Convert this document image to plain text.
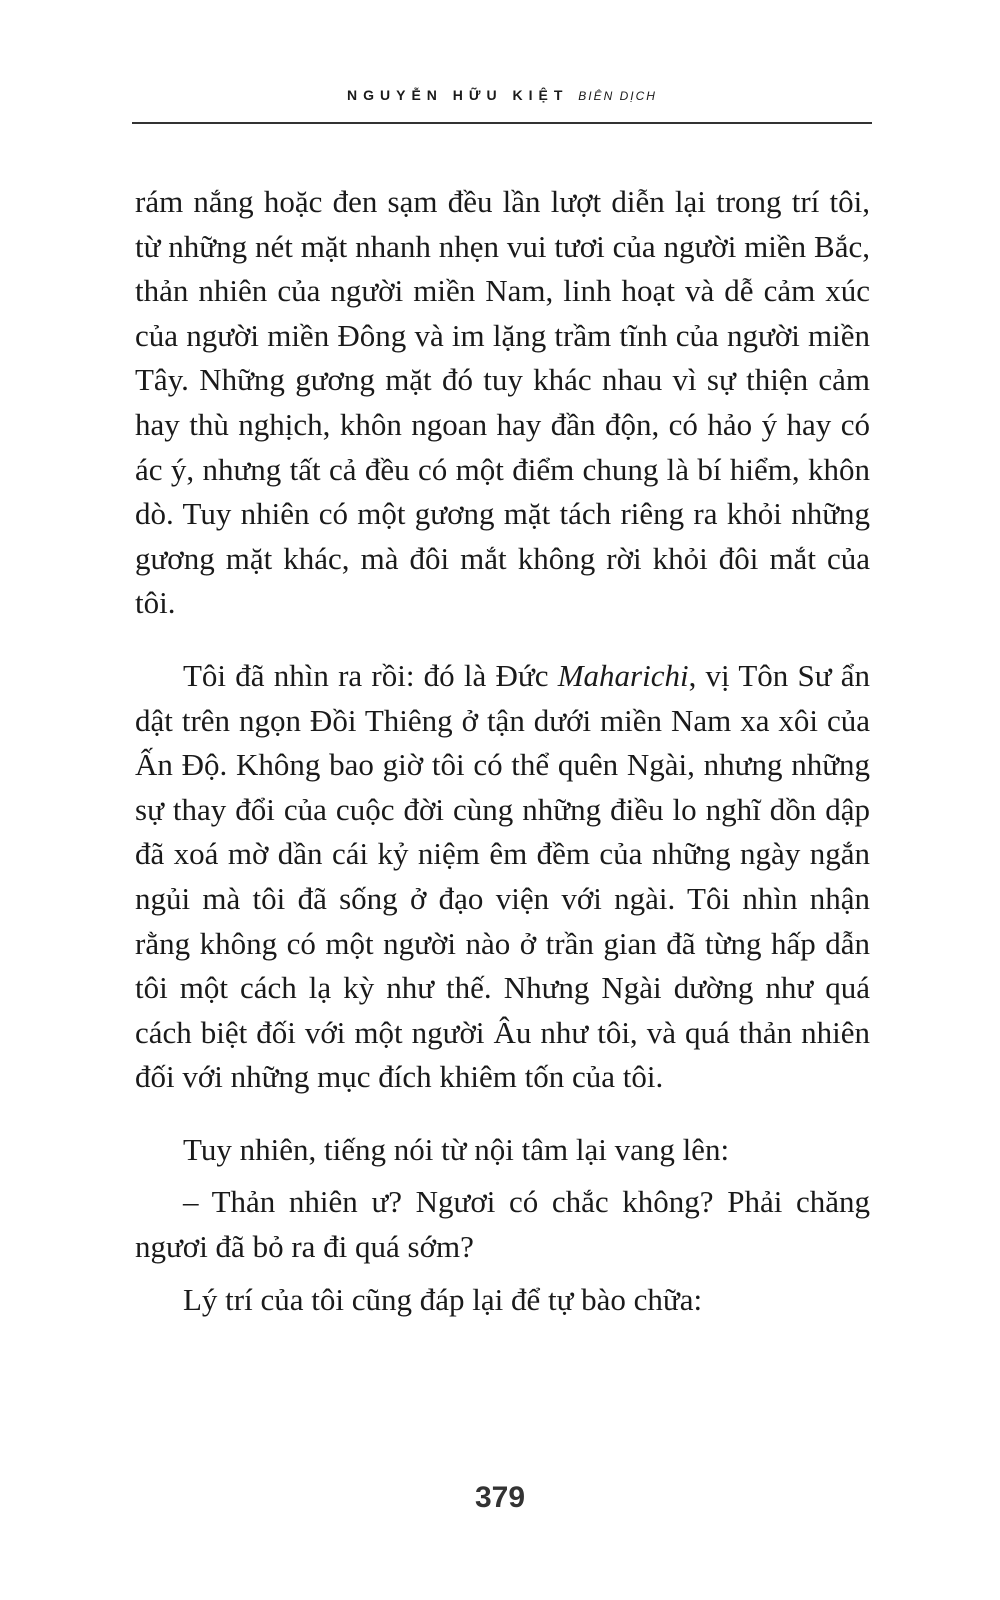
NGUYỄN HỮU KIỆT BIÊN DỊCH

rám nắng hoặc đen sạm đều lần lượt diễn lại trong trí tôi, từ những nét mặt nhanh nhẹn vui tươi của người miền Bắc, thản nhiên của người miền Nam, linh hoạt và dễ cảm xúc của người miền Đông và im lặng trầm tĩnh của người miền Tây. Những gương mặt đó tuy khác nhau vì sự thiện cảm hay thù nghịch, khôn ngoan hay đần độn, có hảo ý hay có ác ý, nhưng tất cả đều có một điểm chung là bí hiểm, khôn dò. Tuy nhiên có một gương mặt tách riêng ra khỏi những gương mặt khác, mà đôi mắt không rời khỏi đôi mắt của tôi.

Tôi đã nhìn ra rồi: đó là Đức Maharichi, vị Tôn Sư ẩn dật trên ngọn Đồi Thiêng ở tận dưới miền Nam xa xôi của Ấn Độ. Không bao giờ tôi có thể quên Ngài, nhưng những sự thay đổi của cuộc đời cùng những điều lo nghĩ dồn dập đã xoá mờ dần cái kỷ niệm êm đềm của những ngày ngắn ngủi mà tôi đã sống ở đạo viện với ngài. Tôi nhìn nhận rằng không có một người nào ở trần gian đã từng hấp dẫn tôi một cách lạ kỳ như thế. Nhưng Ngài dường như quá cách biệt đối với một người Âu như tôi, và quá thản nhiên đối với những mục đích khiêm tốn của tôi.

Tuy nhiên, tiếng nói từ nội tâm lại vang lên:

– Thản nhiên ư? Ngươi có chắc không? Phải chăng ngươi đã bỏ ra đi quá sớm?

Lý trí của tôi cũng đáp lại để tự bào chữa:

379
